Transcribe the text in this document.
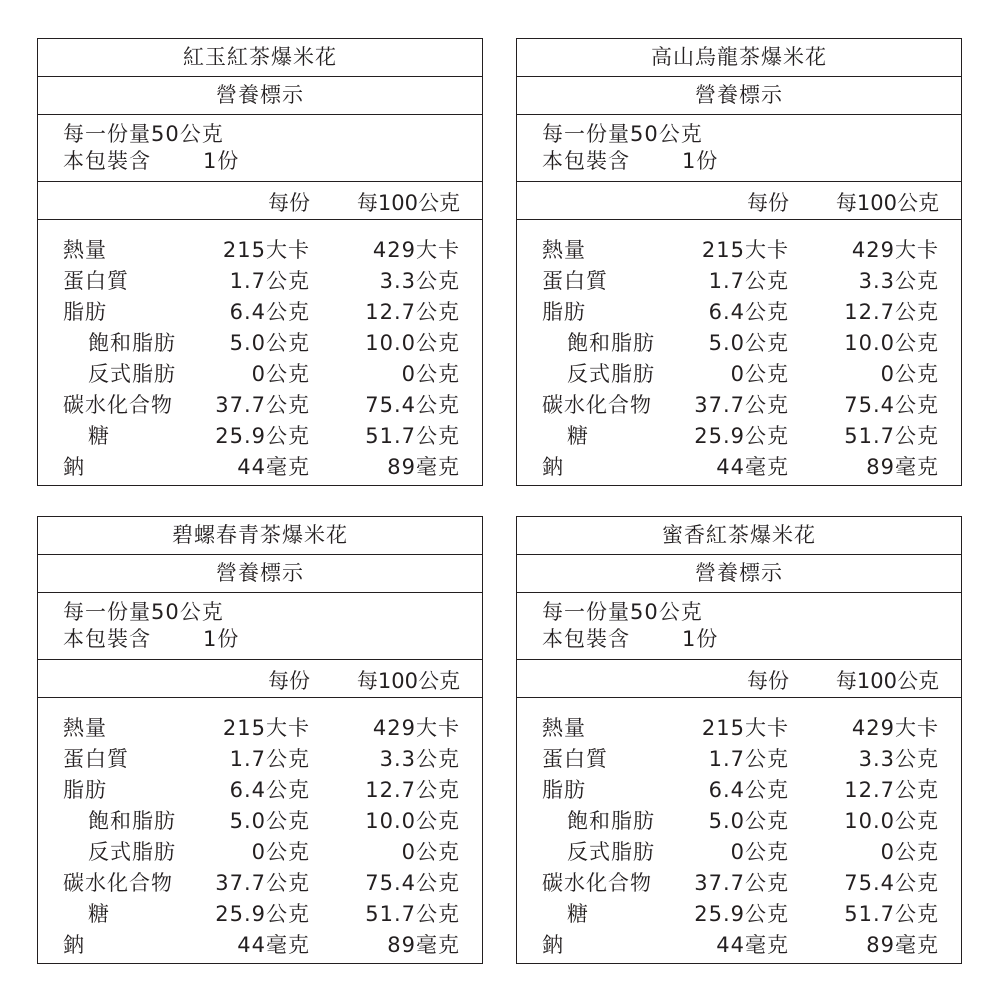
紅玉紅茶爆米花
營養標示
每一份量 50公克
本包裝含	1份
每份 每100公克
熱量	215大卡	429大卡
蛋白質	1.7公克	3.3公克
脂肪	6.4公克	12.7公克
飽和脂肪	5.0公克	10.0公克
反式脂肪	0公克	0公克
碳水化合物 37.7公克	75.4公克
糖	25.9公克	51.7公克
鈉	44毫克	89毫克
高山烏龍茶爆米花
營養標示
每一份量 50公克
本包裝含	1份
每份 每100公克
熱量	215大卡	429大卡
蛋白質	1.7公克	3.3公克
脂肪	6.4公克	12.7公克
飽和脂肪	5.0公克	10.0公克
反式脂肪	0公克	0公克
碳水化合物 37.7公克	75.4公克
糖	25.9公克	51.7公克
鈉	44毫克	89毫克
碧螺春青茶爆米花
營養標示
每一份量 50公克
本包裝含	1份
每份 每100公克
熱量	215大卡	429大卡
蛋白質	1.7公克	3.3公克
脂肪	6.4公克	12.7公克
飽和脂肪	5.0公克	10.0公克
反式脂肪	0公克	0公克
碳水化合物 37.7公克	75.4公克
糖	25.9公克	51.7公克
鈉	44毫克	89毫克
蜜香紅茶爆米花
營養標示
每一份量 50公克
本包裝含	1份
每份 每100公克
熱量	215大卡	429大卡
蛋白質	1.7公克	3.3公克
脂肪	6.4公克	12.7公克
飽和脂肪	5.0公克	10.0公克
反式脂肪	0公克	0公克
碳水化合物 37.7公克	75.4公克
糖	25.9公克	51.7公克
鈉	44毫克	89毫克
